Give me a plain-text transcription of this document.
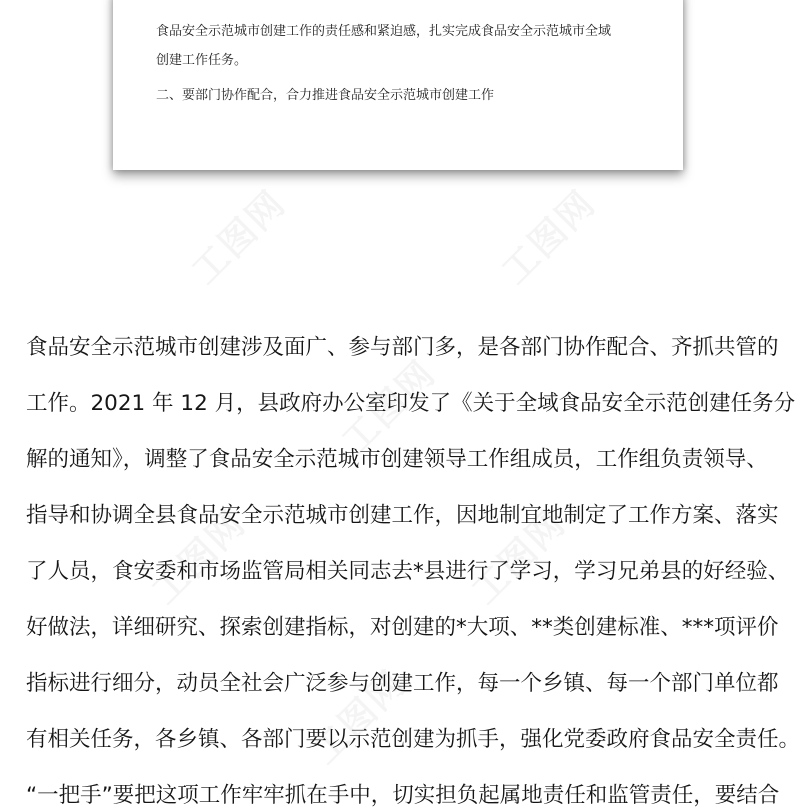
食品安全示范城市创建工作的责任感和紧迫感，扎实完成食品安全示范城市全域
创建工作任务。
二、要部门协作配合，合力推进食品安全示范城市创建工作
食品安全示范城市创建涉及面广、参与部门多，是各部门协作配合、齐抓共管的
工作。2021 年 12 月，县政府办公室印发了《关于全域食品安全示范创建任务分
解的通知》，调整了食品安全示范城市创建领导工作组成员，工作组负责领导、
指导和协调全县食品安全示范城市创建工作，因地制宜地制定了工作方案、落实
了人员，食安委和市场监管局相关同志去*县进行了学习，学习兄弟县的好经验、
好做法，详细研究、探索创建指标，对创建的*大项、**类创建标准、***项评价
指标进行细分，动员全社会广泛参与创建工作，每一个乡镇、每一个部门单位都
有相关任务，各乡镇、各部门要以示范创建为抓手，强化党委政府食品安全责任。
“一把手”要把这项工作牢牢抓在手中，切实担负起属地责任和监管责任，要结合
